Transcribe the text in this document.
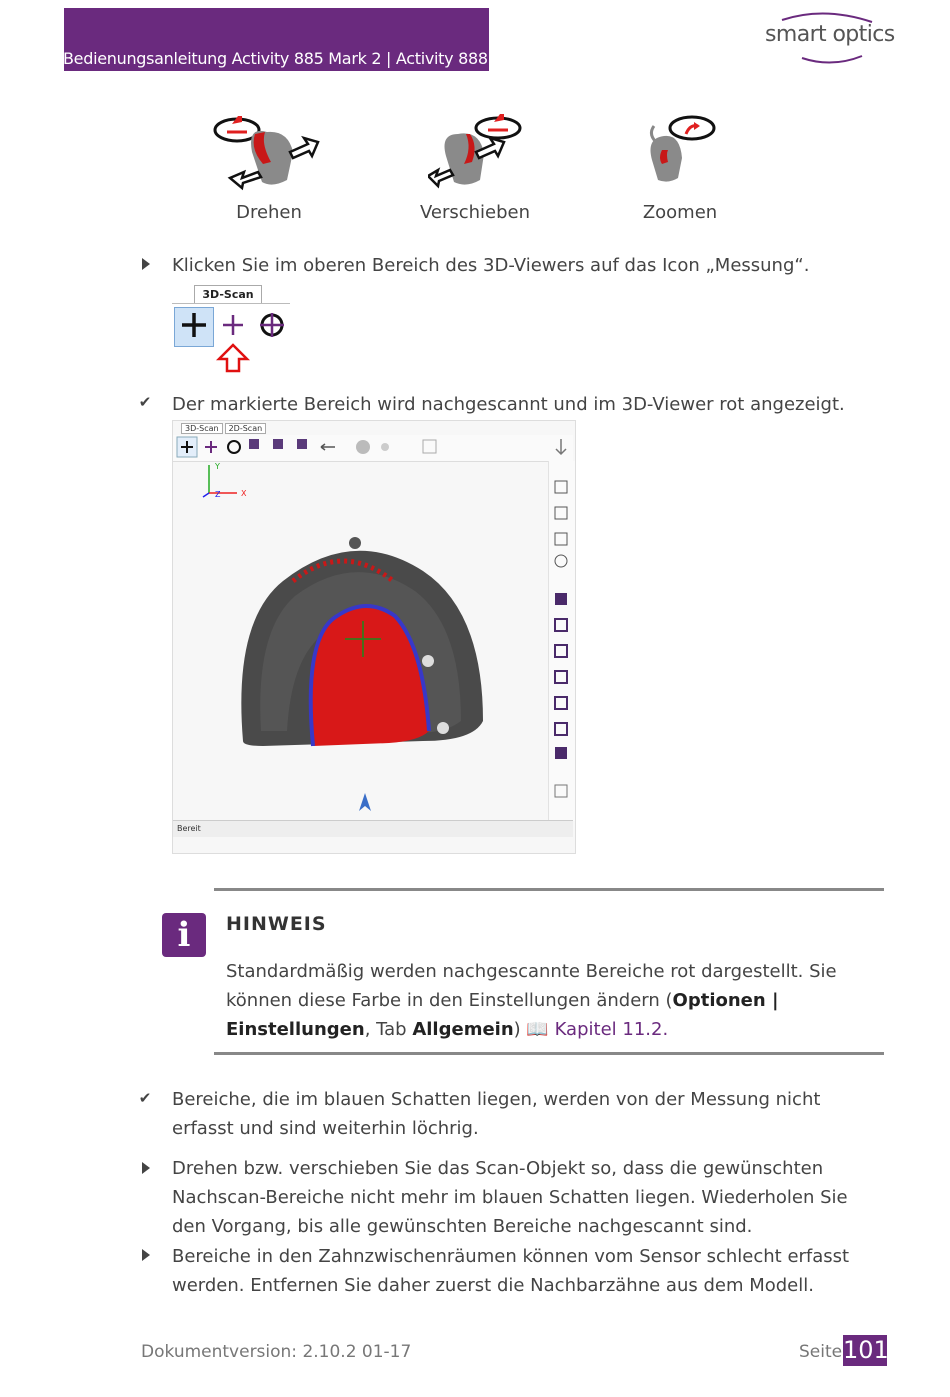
Bedienungsanleitung Activity 885 Mark 2 | Activity 888
smart optics
Drehen	Verschieben	Zoomen
Klicken Sie im oberen Bereich des 3D-Viewers auf das Icon „Messung“.
3D-Scan
✔ Der markierte Bereich wird nachgescannt und im 3D-Viewer rot angezeigt.
3D-Scan 2D-Scan
Y
X
Z
Bereit
i	HINWEIS
Standardmäßig werden nachgescannte Bereiche rot dargestellt. Sie können diese Farbe in den Einstellungen ändern (Optionen | Einstellungen, Tab Allgemein) 📖 Kapitel 11.2.
✔ Bereiche, die im blauen Schatten liegen, werden von der Messung nicht erfasst und sind weiterhin löchrig.
Drehen bzw. verschieben Sie das Scan-Objekt so, dass die gewünschten Nachscan-Bereiche nicht mehr im blauen Schatten liegen. Wiederholen Sie den Vorgang, bis alle gewünschten Bereiche nachgescannt sind.
Bereiche in den Zahnzwischenräumen können vom Sensor schlecht erfasst werden. Entfernen Sie daher zuerst die Nachbarzähne aus dem Modell.
Dokumentversion: 2.10.2 01-17	Seite 101
